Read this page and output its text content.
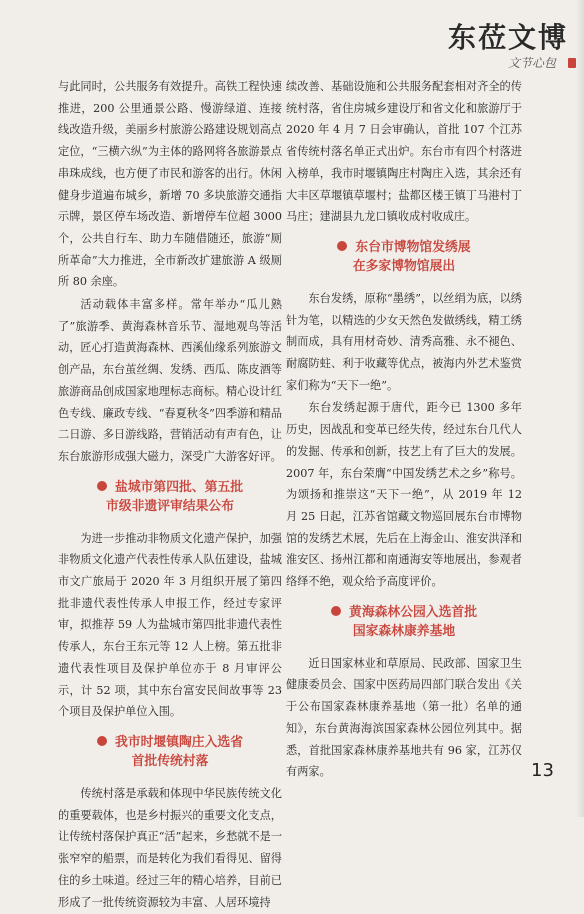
东莅文博
文节心包

与此同时，公共服务有效提升。高铁工程快速推进，200 公里通景公路、慢游绿道、连接线改造升级，美丽乡村旅游公路建设规划高点定位，“三横六纵”为主体的路网将各旅游景点串珠成线，也方便了市民和游客的出行。休闲健身步道遍布城乡，新增 70 多块旅游交通指示牌，景区停车场改造、新增停车位超 3000 个，公共自行车、助力车随借随还，旅游“厕所革命”大力推进，全市新改扩建旅游 A 级厕所 80 余座。

活动载体丰富多样。常年举办“瓜儿熟了”旅游季、黄海森林音乐节、湿地观鸟等活动，匠心打造黄海森林、西溪仙缘系列旅游文创产品，东台茧丝绸、发绣、西瓜、陈皮酒等旅游商品创成国家地理标志商标。精心设计红色专线、廉政专线、“春夏秋冬”四季游和精品二日游、多日游线路，营销活动有声有色，让东台旅游形成强大磁力，深受广大游客好评。

盐城市第四批、第五批
市级非遗评审结果公布

为进一步推动非物质文化遗产保护，加强非物质文化遗产代表性传承人队伍建设，盐城市文广旅局于 2020 年 3 月组织开展了第四批非遗代表性传承人申报工作，经过专家评审，拟推荐 59 人为盐城市第四批非遗代表性传承人，东台王东元等 12 人上榜。第五批非遗代表性项目及保护单位亦于 8 月审评公示，计 52 项，其中东台富安民间故事等 23 个项目及保护单位入围。

我市时堰镇陶庄入选省
首批传统村落

传统村落是承载和体现中华民族传统文化的重要载体，也是乡村振兴的重要文化支点，让传统村落保护真正“活”起来，乡愁就不是一张窄窄的船票，而是转化为我们看得见、留得住的乡土味道。经过三年的精心培养，目前已形成了一批传统资源较为丰富、人居环境持

续改善、基础设施和公共服务配套相对齐全的传统村落，省住房城乡建设厅和省文化和旅游厅于 2020 年 4 月 7 日会审确认，首批 107 个江苏省传统村落名单正式出炉。东台市有四个村落进入榜单，我市时堰镇陶庄村陶庄入选，其余还有大丰区草堰镇草堰村；盐都区楼王镇丁马港村丁马庄；建湖县九龙口镇收成村收成庄。

东台市博物馆发绣展
在多家博物馆展出

东台发绣，原称“墨绣”，以丝绢为底，以绣针为笔，以精选的少女天然色发做绣线，精工绣制而成，具有用材奇妙、清秀高雅、永不褪色、耐腐防蛀、利于收藏等优点，被海内外艺术鉴赏家们称为“天下一绝”。

东台发绣起源于唐代，距今已 1300 多年历史，因战乱和变革已经失传，经过东台几代人的发掘、传承和创新，技艺上有了巨大的发展。2007 年，东台荣膺“中国发绣艺术之乡”称号。为颂扬和推崇这“天下一绝”，从 2019 年 12 月 25 日起，江苏省馆藏文物巡回展东台市博物馆的发绣艺术展，先后在上海金山、淮安洪泽和淮安区、扬州江都和南通海安等地展出，参观者络绎不绝，观众给予高度评价。

黄海森林公园入选首批
国家森林康养基地

近日国家林业和草原局、民政部、国家卫生健康委员会、国家中医药局四部门联合发出《关于公布国家森林康养基地（第一批）名单的通知》，东台黄海海滨国家森林公园位列其中。据悉，首批国家森林康养基地共有 96 家，江苏仅有两家。	13
